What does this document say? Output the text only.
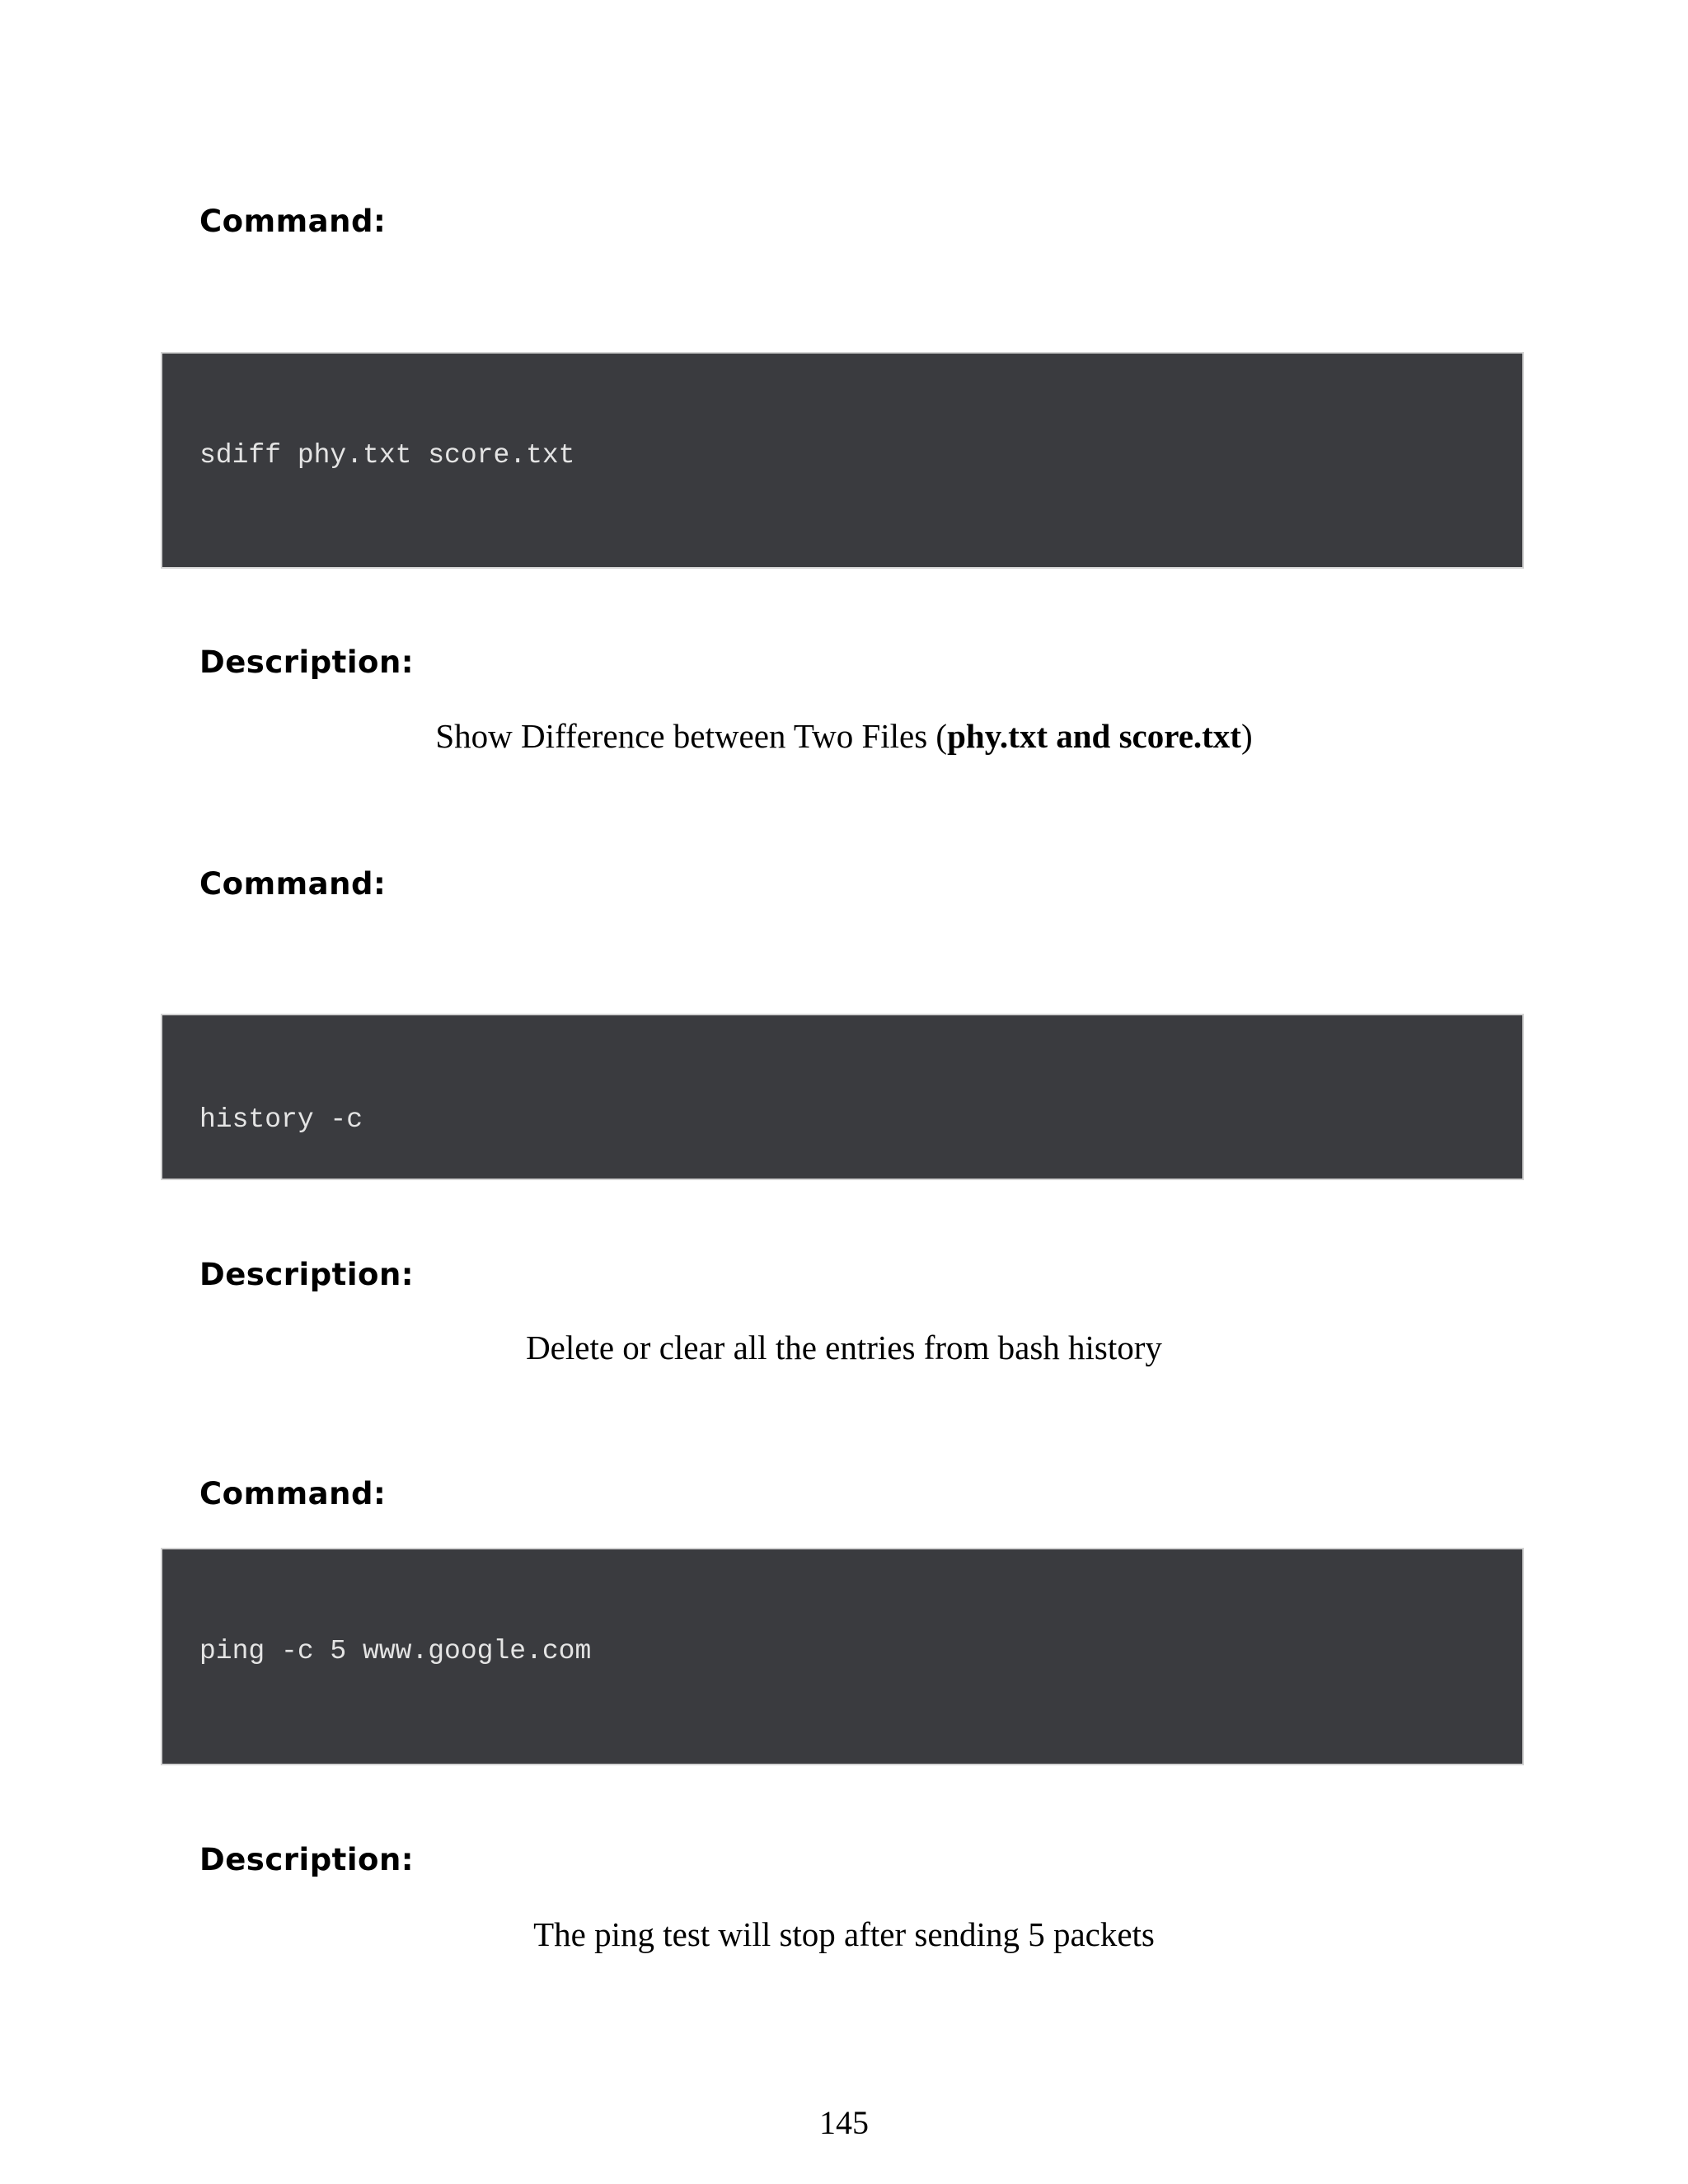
Command:
sdiff phy.txt score.txt
Description:
Show Difference between Two Files (phy.txt and score.txt)
Command:
history -c
Description:
Delete or clear all the entries from bash history
Command:
ping -c 5 www.google.com
Description:
The ping test will stop after sending 5 packets
145
